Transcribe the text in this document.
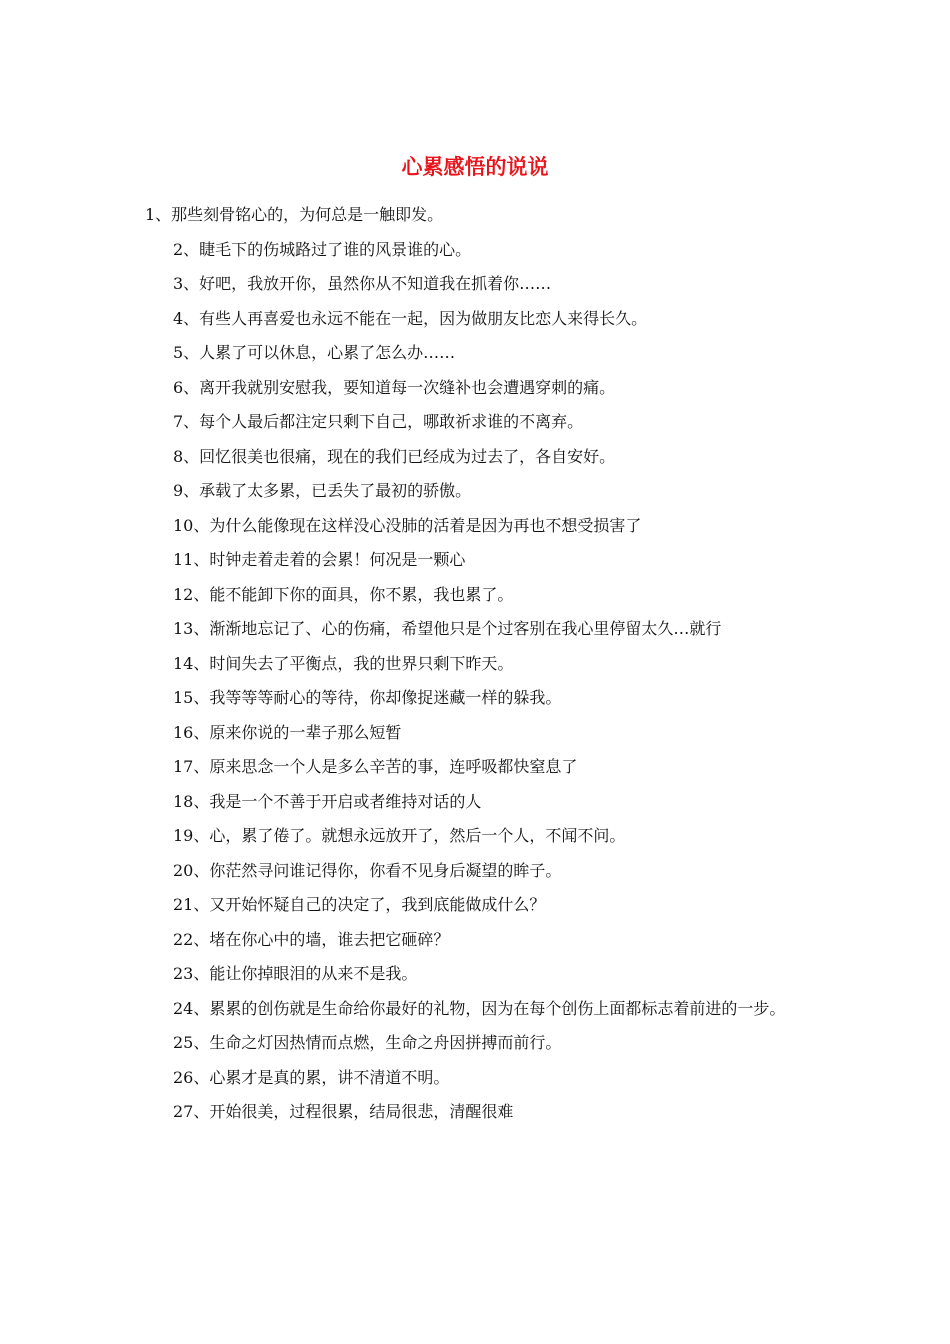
心累感悟的说说

1、那些刻骨铭心的，为何总是一触即发。

2、睫毛下的伤城路过了谁的风景谁的心。

3、好吧，我放开你，虽然你从不知道我在抓着你……

4、有些人再喜爱也永远不能在一起，因为做朋友比恋人来得长久。

5、人累了可以休息，心累了怎么办……

6、离开我就别安慰我，要知道每一次缝补也会遭遇穿刺的痛。

7、每个人最后都注定只剩下自己，哪敢祈求谁的不离弃。

8、回忆很美也很痛，现在的我们已经成为过去了，各自安好。

9、承载了太多累，已丢失了最初的骄傲。

10、为什么能像现在这样没心没肺的活着是因为再也不想受损害了

11、时钟走着走着的会累！何况是一颗心

12、能不能卸下你的面具，你不累，我也累了。

13、渐渐地忘记了、心的伤痛，希望他只是个过客别在我心里停留太久…就行

14、时间失去了平衡点，我的世界只剩下昨天。

15、我等等等耐心的等待，你却像捉迷藏一样的躲我。

16、原来你说的一辈子那么短暂

17、原来思念一个人是多么辛苦的事，连呼吸都快窒息了

18、我是一个不善于开启或者维持对话的人

19、心，累了倦了。就想永远放开了，然后一个人，不闻不问。

20、你茫然寻问谁记得你，你看不见身后凝望的眸子。

21、又开始怀疑自己的决定了，我到底能做成什么？

22、堵在你心中的墙，谁去把它砸碎？

23、能让你掉眼泪的从来不是我。

24、累累的创伤就是生命给你最好的礼物，因为在每个创伤上面都标志着前进的一步。

25、生命之灯因热情而点燃，生命之舟因拼搏而前行。

26、心累才是真的累，讲不清道不明。

27、开始很美，过程很累，结局很悲，清醒很难
